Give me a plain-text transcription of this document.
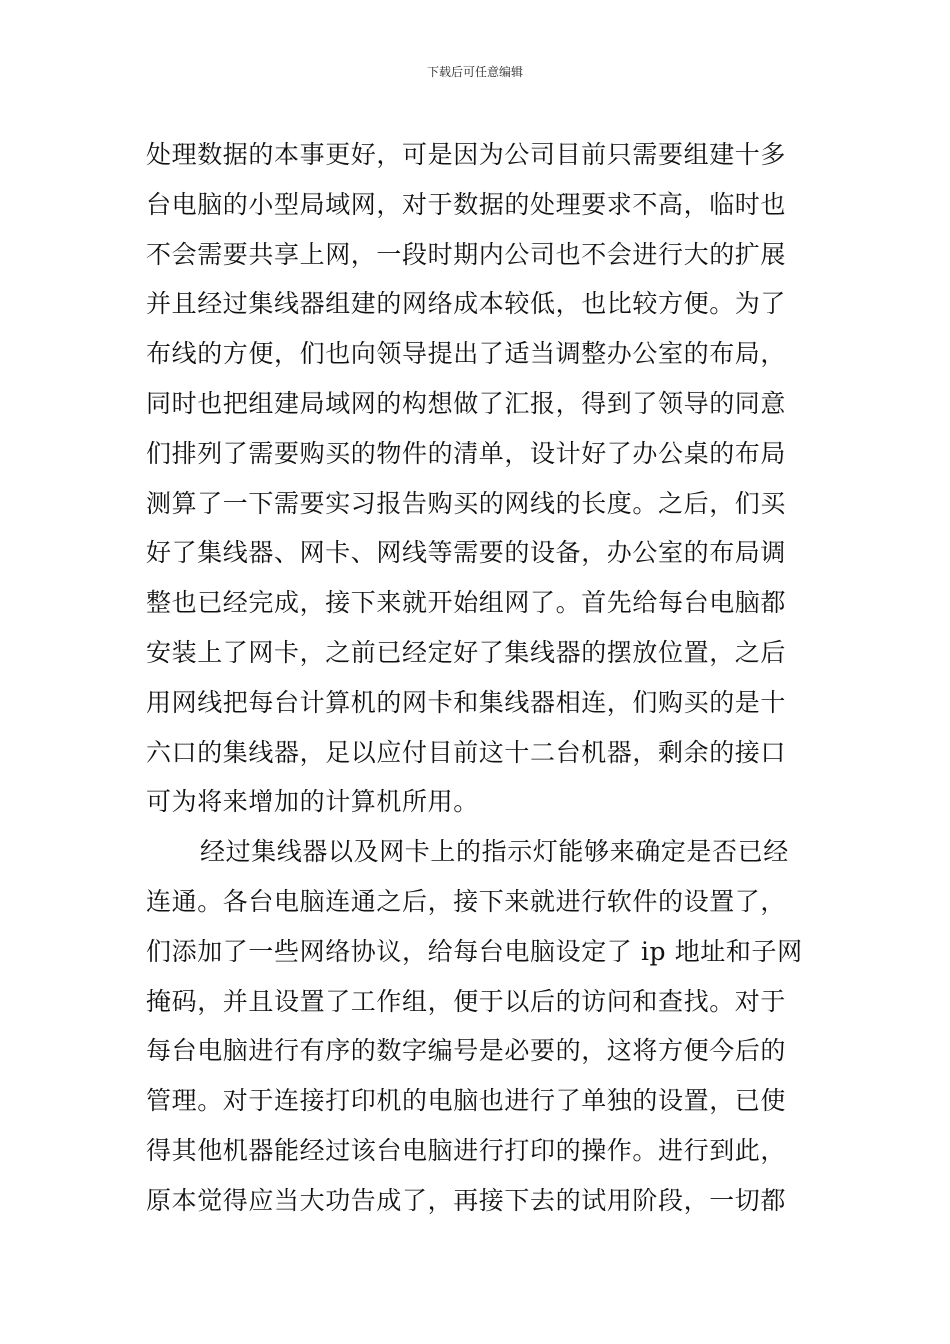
下载后可任意编辑
处理数据的本事更好，可是因为公司目前只需要组建十多
台电脑的小型局域网，对于数据的处理要求不高，临时也
不会需要共享上网，一段时期内公司也不会进行大的扩展
并且经过集线器组建的网络成本较低，也比较方便。为了
布线的方便，们也向领导提出了适当调整办公室的布局，
同时也把组建局域网的构想做了汇报，得到了领导的同意
们排列了需要购买的物件的清单，设计好了办公桌的布局
测算了一下需要实习报告购买的网线的长度。之后，们买
好了集线器、网卡、网线等需要的设备，办公室的布局调
整也已经完成，接下来就开始组网了。首先给每台电脑都
安装上了网卡，之前已经定好了集线器的摆放位置，之后
用网线把每台计算机的网卡和集线器相连，们购买的是十
六口的集线器，足以应付目前这十二台机器，剩余的接口
可为将来增加的计算机所用。
经过集线器以及网卡上的指示灯能够来确定是否已经
连通。各台电脑连通之后，接下来就进行软件的设置了，
们添加了一些网络协议，给每台电脑设定了 ip 地址和子网
掩码，并且设置了工作组，便于以后的访问和查找。对于
每台电脑进行有序的数字编号是必要的，这将方便今后的
管理。对于连接打印机的电脑也进行了单独的设置，已使
得其他机器能经过该台电脑进行打印的操作。进行到此，
原本觉得应当大功告成了，再接下去的试用阶段，一切都
